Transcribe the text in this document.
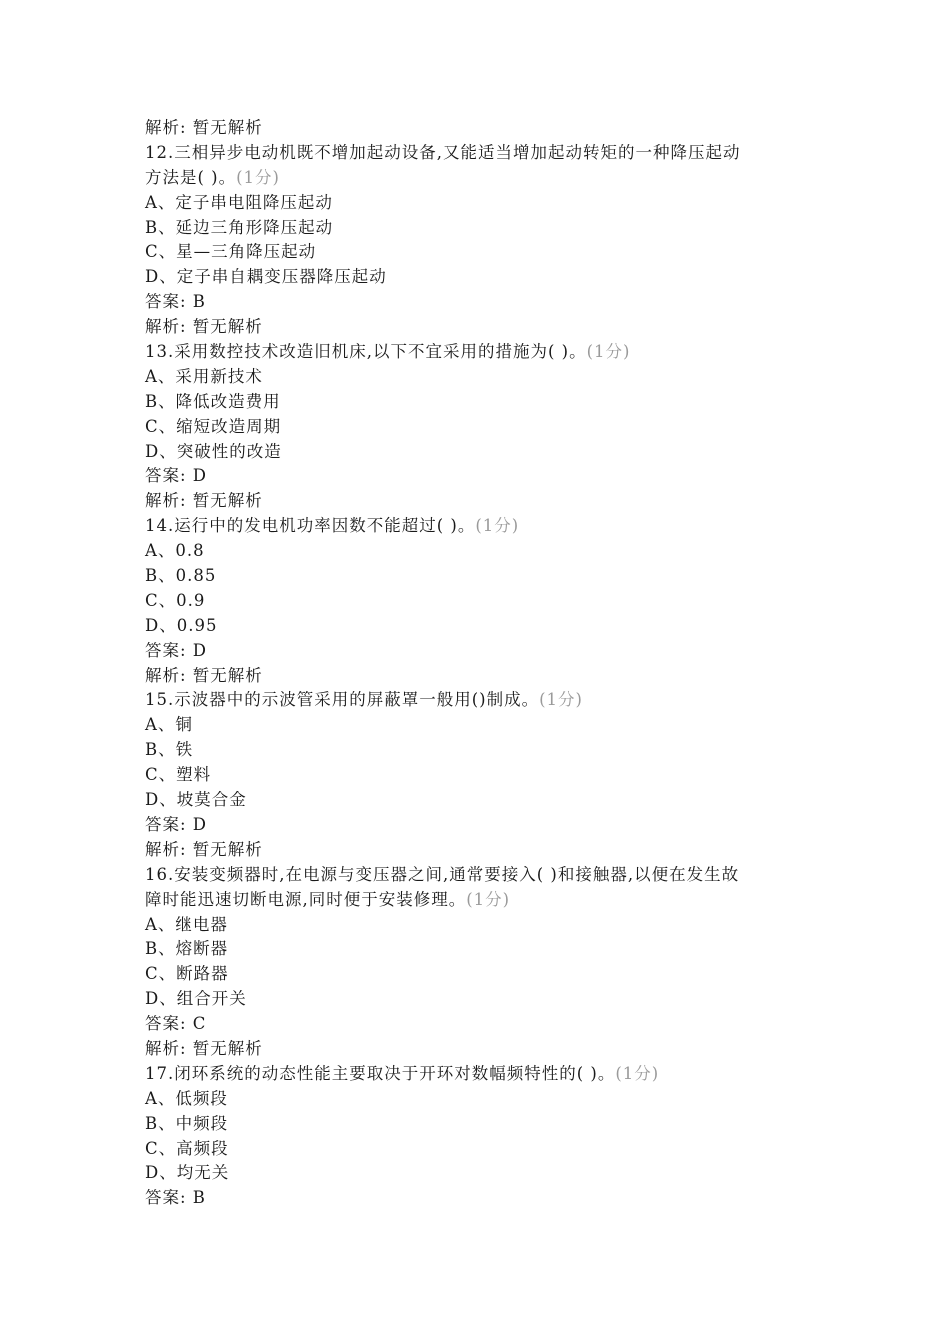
解析: 暂无解析
12.三相异步电动机既不增加起动设备,又能适当增加起动转矩的一种降压起动
方法是( )。(1分)
A、定子串电阻降压起动
B、延边三角形降压起动
C、星—三角降压起动
D、定子串自耦变压器降压起动
答案: B
解析: 暂无解析
13.采用数控技术改造旧机床,以下不宜采用的措施为( )。(1分)
A、采用新技术
B、降低改造费用
C、缩短改造周期
D、突破性的改造
答案: D
解析: 暂无解析
14.运行中的发电机功率因数不能超过( )。(1分)
A、0.8
B、0.85
C、0.9
D、0.95
答案: D
解析: 暂无解析
15.示波器中的示波管采用的屏蔽罩一般用()制成。(1分)
A、铜
B、铁
C、塑料
D、坡莫合金
答案: D
解析: 暂无解析
16.安装变频器时,在电源与变压器之间,通常要接入( )和接触器,以便在发生故
障时能迅速切断电源,同时便于安装修理。(1分)
A、继电器
B、熔断器
C、断路器
D、组合开关
答案: C
解析: 暂无解析
17.闭环系统的动态性能主要取决于开环对数幅频特性的( )。(1分)
A、低频段
B、中频段
C、高频段
D、均无关
答案: B
